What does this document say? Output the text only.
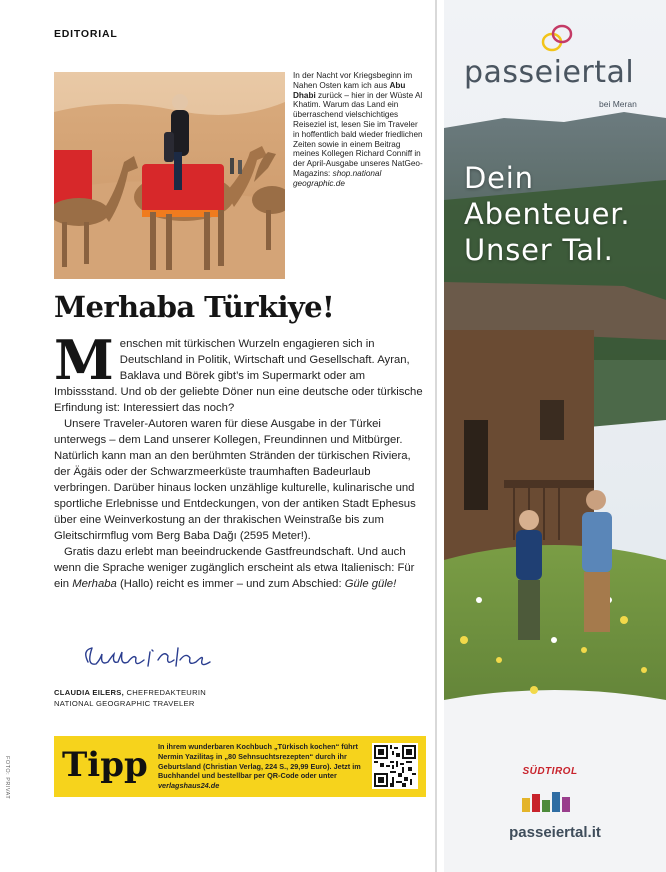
EDITORIAL
In der Nacht vor Kriegsbeginn im Nahen Osten kam ich aus Abu Dhabi zurück – hier in der Wüste Al Khatim. Warum das Land ein überraschend vielschichtiges Reiseziel ist, lesen Sie im Traveler in hoffentlich bald wieder friedlichen Zeiten sowie in einem Beitrag meines Kollegen Richard Conniff in der April-Ausgabe unseres NatGeo-Magazins: shop.national geographic.de
Merhaba Türkiye!

Menschen mit türkischen Wurzeln engagieren sich in Deutschland in Politik, Wirtschaft und Gesellschaft. Ayran, Baklava und Börek gibt’s im Supermarkt oder am Imbissstand. Und ob der geliebte Döner nun eine deutsche oder türkische Erfindung ist: Interessiert das noch?

Unsere Traveler-Autoren waren für diese Ausgabe in der Türkei unterwegs – dem Land unserer Kollegen, Freundinnen und Mitbürger. Natürlich kann man an den berühmten Stränden der türkischen Riviera, der Ägäis oder der Schwarzmeerküste traumhaften Badeurlaub verbringen. Darüber hinaus locken unzählige kulturelle, kulinarische und sportliche Erlebnisse und Entdeckungen, von der antiken Stadt Ephesus über eine Weinverkostung an der thrakischen Weinstraße bis zum Gleitschirmflug vom Berg Baba Dağı (2595 Meter!).

Gratis dazu erlebt man beeindruckende Gastfreundschaft. Und auch wenn die Sprache weniger zugänglich erscheint als etwa Italienisch: Für ein Merhaba (Hallo) reicht es immer – und zum Abschied: Güle güle!

CLAUDIA EILERS, CHEFREDAKTEURIN
NATIONAL GEOGRAPHIC TRAVELER
Tipp In ihrem wunderbaren Kochbuch „Türkisch kochen“ führt Nermin Yazilitaş in „80 Sehnsuchtsrezepten“ durch ihr Geburtsland (Christian Verlag, 224 S., 29,99 Euro). Jetzt im Buchhandel und bestellbar per QR-Code oder unter verlagshaus24.de
FOTO: PRIVAT
passeiertal
bei Meran
Dein
Abenteuer.
Unser Tal.
SÜDTIROL
passeiertal.it
